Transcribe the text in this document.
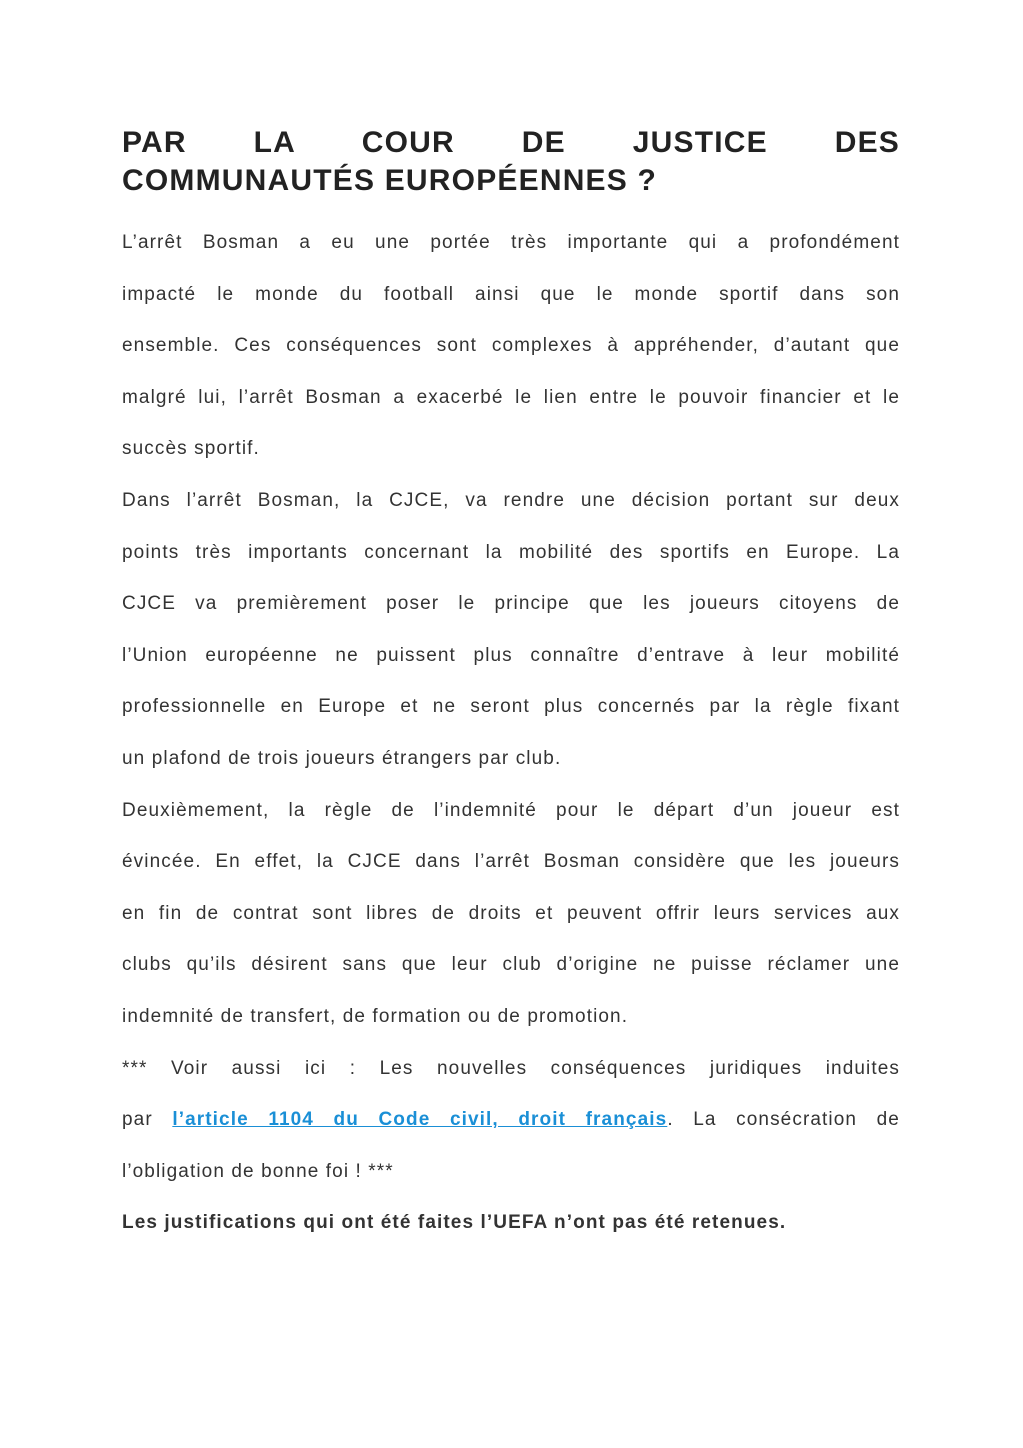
PAR LA COUR DE JUSTICE DES
COMMUNAUTÉS EUROPÉENNES ?

L’arrêt Bosman a eu une portée très importante qui a profondément
impacté le monde du football ainsi que le monde sportif dans son
ensemble. Ces conséquences sont complexes à appréhender, d’autant que
malgré lui, l’arrêt Bosman a exacerbé le lien entre le pouvoir financier et le
succès sportif.

Dans l’arrêt Bosman, la CJCE, va rendre une décision portant sur deux
points très importants concernant la mobilité des sportifs en Europe. La
CJCE va premièrement poser le principe que les joueurs citoyens de
l’Union européenne ne puissent plus connaître d’entrave à leur mobilité
professionnelle en Europe et ne seront plus concernés par la règle fixant
un plafond de trois joueurs étrangers par club.

Deuxièmement, la règle de l’indemnité pour le départ d’un joueur est
évincée. En effet, la CJCE dans l’arrêt Bosman considère que les joueurs
en fin de contrat sont libres de droits et peuvent offrir leurs services aux
clubs qu’ils désirent sans que leur club d’origine ne puisse réclamer une
indemnité de transfert, de formation ou de promotion.

*** Voir aussi ici : Les nouvelles conséquences juridiques induites
par l’article 1104 du Code civil, droit français. La consécration de
l’obligation de bonne foi ! ***

Les justifications qui ont été faites l’UEFA n’ont pas été retenues.
